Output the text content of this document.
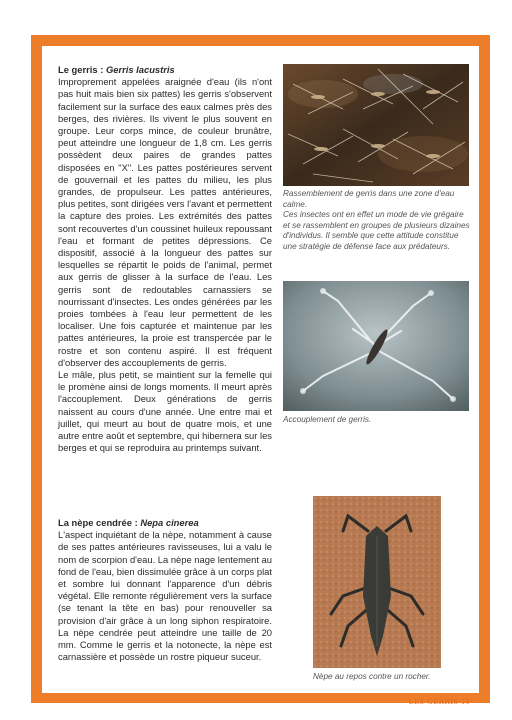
Le gerris : Gerris lacustris

Improprement appelées araignée d'eau (ils n'ont pas huit mais bien six pattes) les gerris s'observent facilement sur la surface des eaux calmes près des berges, des rivières. Ils vivent le plus souvent en groupe. Leur corps mince, de couleur brunâtre, peut atteindre une longueur de 1,8 cm. Les gerris possèdent deux paires de grandes pattes disposées en "X". Les pattes postérieures servent de gouvernail et les pattes du milieu, les plus grandes, de propulseur. Les pattes antérieures, plus petites, sont dirigées vers l'avant et permettent la capture des proies. Les extrémités des pattes sont recouvertes d'un coussinet huileux repoussant l'eau et formant de petites dépressions. Ce dispositif, associé à la longueur des pattes sur lesquelles se répartit le poids de l'animal, permet aux gerris de glisser à la surface de l'eau. Les gerris sont de redoutables carnassiers se nourrissant d'insectes. Les ondes générées par les proies tombées à l'eau leur permettent de les localiser. Une fois capturée et maintenue par les pattes antérieures, la proie est transpercée par le rostre et son contenu aspiré. Il est fréquent d'observer des accouplements de gerris.

Le mâle, plus petit, se maintient sur la femelle qui le promène ainsi de longs moments. Il meurt après l'accouplement. Deux générations de gerris naissent au cours d'une année. Une entre mai et juillet, qui meurt au bout de quatre mois, et une autre entre août et septembre, qui hibernera sur les berges et qui se reproduira au printemps suivant.

La nèpe cendrée : Nepa cinerea

L'aspect inquiétant de la nèpe, notamment à cause de ses pattes antérieures ravisseuses, lui a valu le nom de scorpion d'eau. La nèpe nage lentement au fond de l'eau, bien dissimulée grâce à un corps plat et sombre lui donnant l'apparence d'un débris végétal. Elle remonte régulièrement vers la surface (se tenant la tête en bas) pour renouveller sa provision d'air grâce à un long siphon respiratoire. La nèpe cendrée peut atteindre une taille de 20 mm. Comme le gerris et la notonecte, la nèpe est carnassière et possède un rostre piqueur suceur.

Rassemblement de gerris dans une zone d'eau calme.

Ces insectes ont en effet un mode de vie grégaire et se rassemblent en groupes de plusieurs dizaines d'individus. Il semble que cette attitude constitue une stratégie de défense face aux prédateurs.

Accouplement de gerris.

Nèpe au repos contre un rocher.

LES GERRIS 16
